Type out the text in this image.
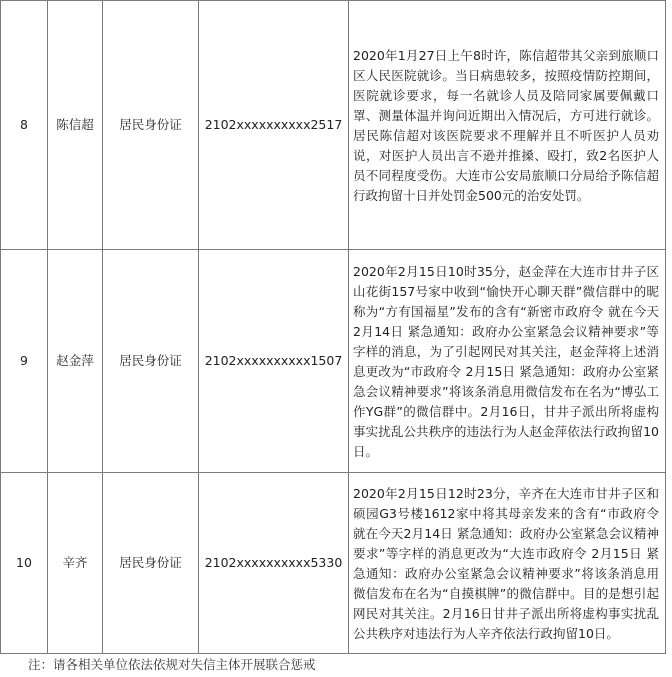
8	陈信超	居民身份证	2102xxxxxxxxxx2517	2020年1月27日上午8时许，陈信超带其父亲到旅顺口区人民医院就诊。当日病患较多，按照疫情防控期间，医院就诊要求，每一名就诊人员及陪同家属要佩戴口罩、测量体温并询问近期出入情况后，方可进行就诊。居民陈信超对该医院要求不理解并且不听医护人员劝说，对医护人员出言不逊并推搡、殴打，致2名医护人员不同程度受伤。大连市公安局旅顺口分局给予陈信超行政拘留十日并处罚金500元的治安处罚。

9	赵金萍	居民身份证	2102xxxxxxxxxx1507	2020年2月15日10时35分，赵金萍在大连市甘井子区山花街157号家中收到“愉快开心聊天群”微信群中的昵称为“方有国福星”发布的含有“新密市政府令 就在今天2月14日 紧急通知：政府办公室紧急会议精神要求”等字样的消息，为了引起网民对其关注，赵金萍将上述消息更改为“市政府令 2月15日 紧急通知：政府办公室紧急会议精神要求”将该条消息用微信发布在名为“博弘工作YG群”的微信群中。2月16日，甘井子派出所将虚构事实扰乱公共秩序的违法行为人赵金萍依法行政拘留10日。

10	辛齐	居民身份证	2102xxxxxxxxxx5330	2020年2月15日12时23分，辛齐在大连市甘井子区和硕园G3号楼1612家中将其母亲发来的含有“市政府令 就在今天2月14日 紧急通知：政府办公室紧急会议精神要求”等字样的消息更改为“大连市政府令 2月15日 紧急通知：政府办公室紧急会议精神要求”将该条消息用微信发布在名为“自摸棋牌”的微信群中。目的是想引起网民对其关注。2月16日甘井子派出所将虚构事实扰乱公共秩序对违法行为人辛齐依法行政拘留10日。
注：请各相关单位依法依规对失信主体开展联合惩戒
